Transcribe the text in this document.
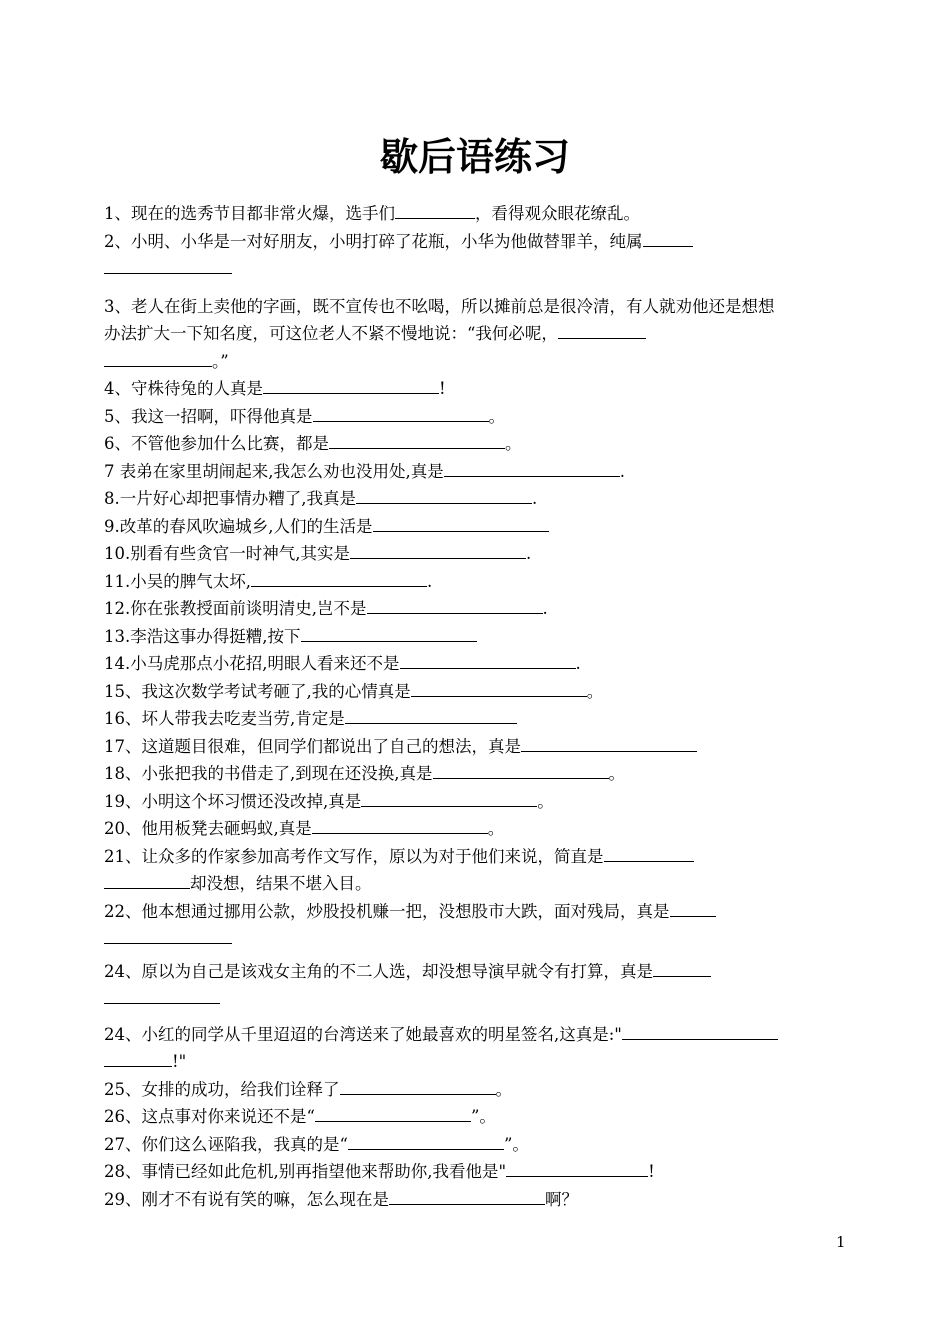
歇后语练习
1、现在的选秀节目都非常火爆，选手们	，看得观众眼花缭乱。
2、小明、小华是一对好朋友，小明打碎了花瓶，小华为他做替罪羊，纯属
3、老人在街上卖他的字画，既不宣传也不吆喝，所以摊前总是很冷清，有人就劝他还是想想
办法扩大一下知名度，可这位老人不紧不慢地说：“我何必呢，
。”
4、守株待兔的人真是	!
5、我这一招啊，吓得他真是	。
6、不管他参加什么比赛，都是	。
7 表弟在家里胡闹起来,我怎么劝也没用处,真是	.
8.一片好心却把事情办糟了,我真是	.
9.改革的春风吹遍城乡,人们的生活是
10.别看有些贪官一时神气,其实是	.
11.小吴的脾气太坏,	.
12.你在张教授面前谈明清史,岂不是	.
13.李浩这事办得挺糟,按下
14.小马虎那点小花招,明眼人看来还不是	.
15、我这次数学考试考砸了,我的心情真是	。
16、坏人带我去吃麦当劳,肯定是
17、这道题目很难，但同学们都说出了自己的想法，真是
18、小张把我的书借走了,到现在还没换,真是	。
19、小明这个坏习惯还没改掉,真是	。
20、他用板凳去砸蚂蚁,真是	。
21、让众多的作家参加高考作文写作，原以为对于他们来说，简直是
却没想，结果不堪入目。
22、他本想通过挪用公款，炒股投机赚一把，没想股市大跌，面对残局，真是
24、原以为自己是该戏女主角的不二人选，却没想导演早就令有打算，真是
24、小红的同学从千里迢迢的台湾送来了她最喜欢的明星签名,这真是:"
!"
25、女排的成功，给我们诠释了	。
26、这点事对你来说还不是“	”。
27、你们这么诬陷我，我真的是“	”。
28、事情已经如此危机,别再指望他来帮助你,我看他是"	!
29、刚才不有说有笑的嘛，怎么现在是	啊？
1
